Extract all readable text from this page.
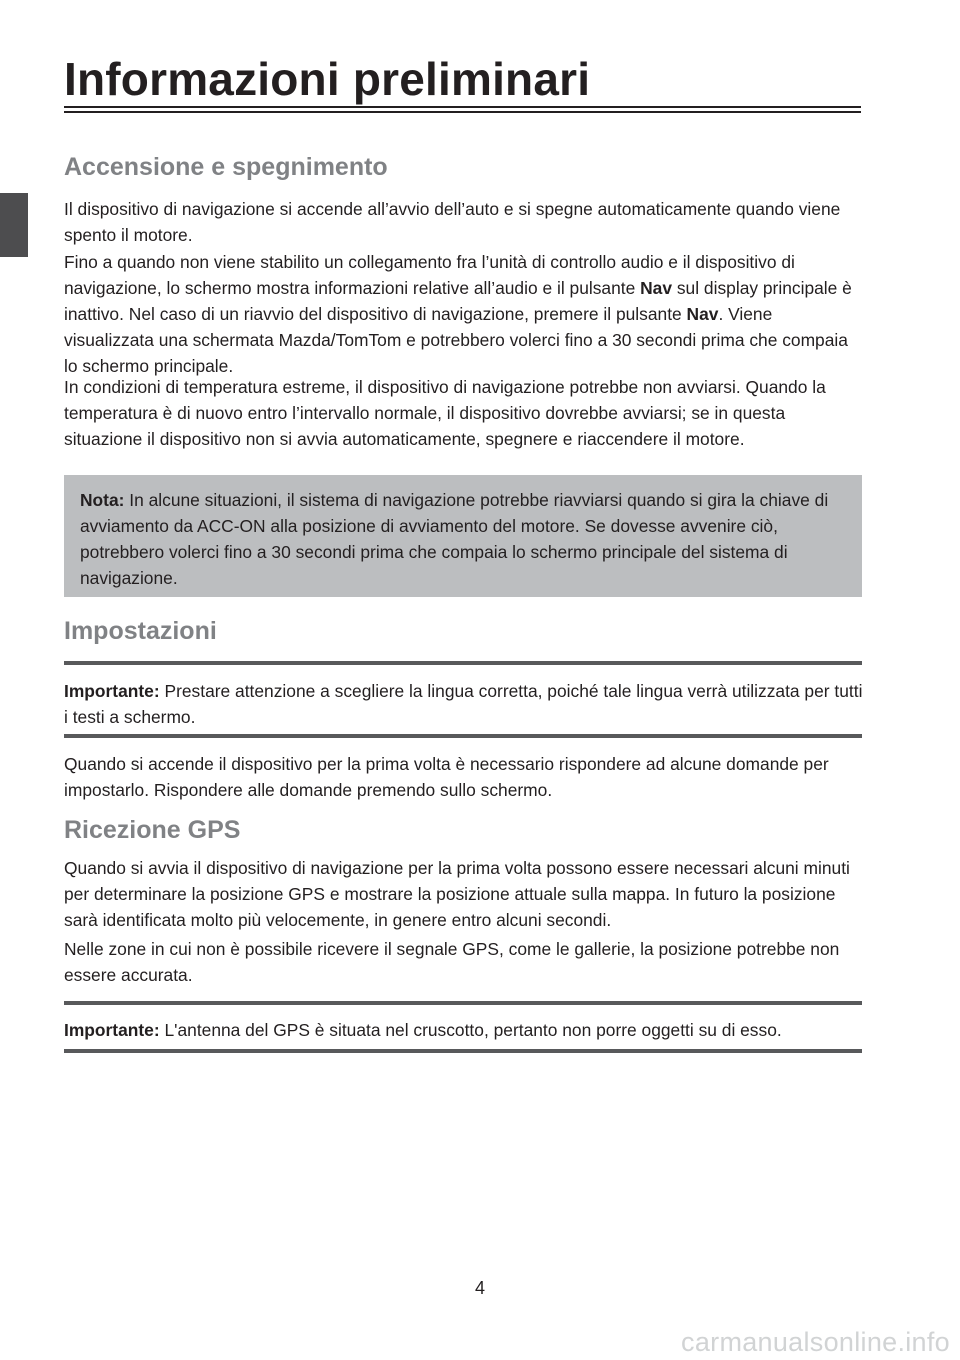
Informazioni preliminari
Accensione e spegnimento

Il dispositivo di navigazione si accende all’avvio dell’auto e si spegne automaticamente quando viene spento il motore.

Fino a quando non viene stabilito un collegamento fra l’unità di controllo audio e il dispositivo di navigazione, lo schermo mostra informazioni relative all’audio e il pulsante Nav sul display principale è inattivo. Nel caso di un riavvio del dispositivo di navigazione, premere il pulsante Nav. Viene visualizzata una schermata Mazda/TomTom e potrebbero volerci fino a 30 secondi prima che compaia lo schermo principale.

In condizioni di temperatura estreme, il dispositivo di navigazione potrebbe non avviarsi. Quando la temperatura è di nuovo entro l’intervallo normale, il dispositivo dovrebbe avviarsi; se in questa situazione il dispositivo non si avvia automaticamente, spegnere e riaccendere il motore.

Nota: In alcune situazioni, il sistema di navigazione potrebbe riavviarsi quando si gira la chiave di avviamento da ACC-ON alla posizione di avviamento del motore. Se dovesse avvenire ciò, potrebbero volerci fino a 30 secondi prima che compaia lo schermo principale del sistema di navigazione.

Impostazioni

Importante: Prestare attenzione a scegliere la lingua corretta, poiché tale lingua verrà utilizzata per tutti i testi a schermo.

Quando si accende il dispositivo per la prima volta è necessario rispondere ad alcune domande per impostarlo. Rispondere alle domande premendo sullo schermo.

Ricezione GPS

Quando si avvia il dispositivo di navigazione per la prima volta possono essere necessari alcuni minuti per determinare la posizione GPS e mostrare la posizione attuale sulla mappa. In futuro la posizione sarà identificata molto più velocemente, in genere entro alcuni secondi.

Nelle zone in cui non è possibile ricevere il segnale GPS, come le gallerie, la posizione potrebbe non essere accurata.

Importante: L'antenna del GPS è situata nel cruscotto, pertanto non porre oggetti su di esso.

4
carmanualsonline.info
